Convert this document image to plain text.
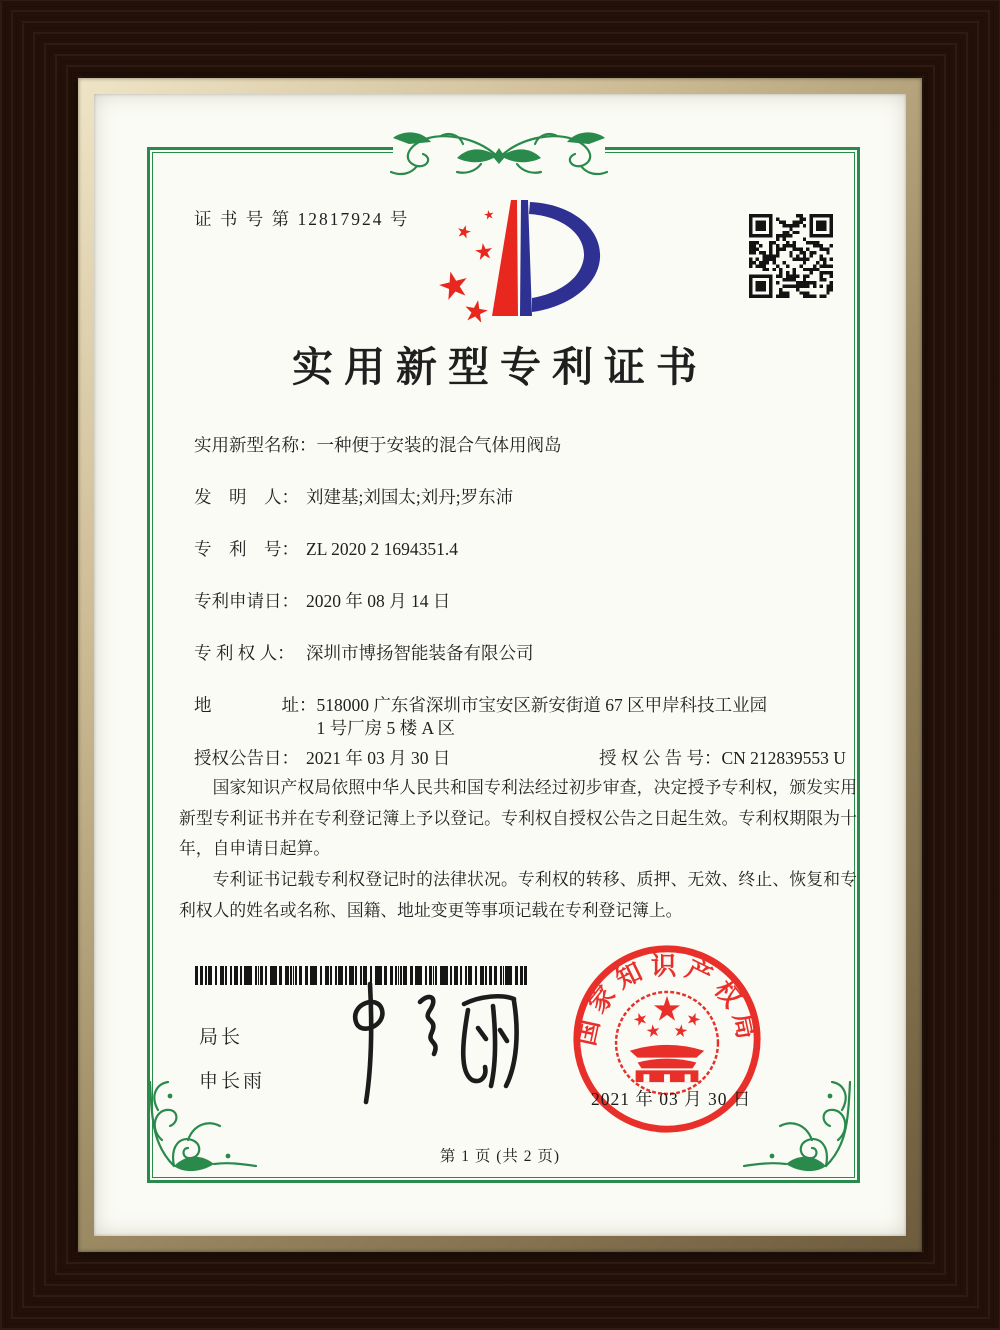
证 书 号 第 12817924 号
实用新型专利证书
实用新型名称： 一种便于安装的混合气体用阀岛
发　明　人： 刘建基;刘国太;刘丹;罗东沛
专　利　号： ZL 2020 2 1694351.4
专利申请日： 2020 年 08 月 14 日
专 利 权 人： 深圳市博扬智能装备有限公司
地　　　　址： 518000 广东省深圳市宝安区新安街道 67 区甲岸科技工业园 1 号厂房 5 楼 A 区
授权公告日： 2021 年 03 月 30 日	授 权 公 告 号：CN 212839553 U

国家知识产权局依照中华人民共和国专利法经过初步审查，决定授予专利权，颁发实用新型专利证书并在专利登记簿上予以登记。专利权自授权公告之日起生效。专利权期限为十年，自申请日起算。

专利证书记载专利权登记时的法律状况。专利权的转移、质押、无效、终止、恢复和专利权人的姓名或名称、国籍、地址变更等事项记载在专利登记簿上。

局长
申长雨
国家知识产权局
2021 年 03 月 30 日
第 1 页 (共 2 页)
